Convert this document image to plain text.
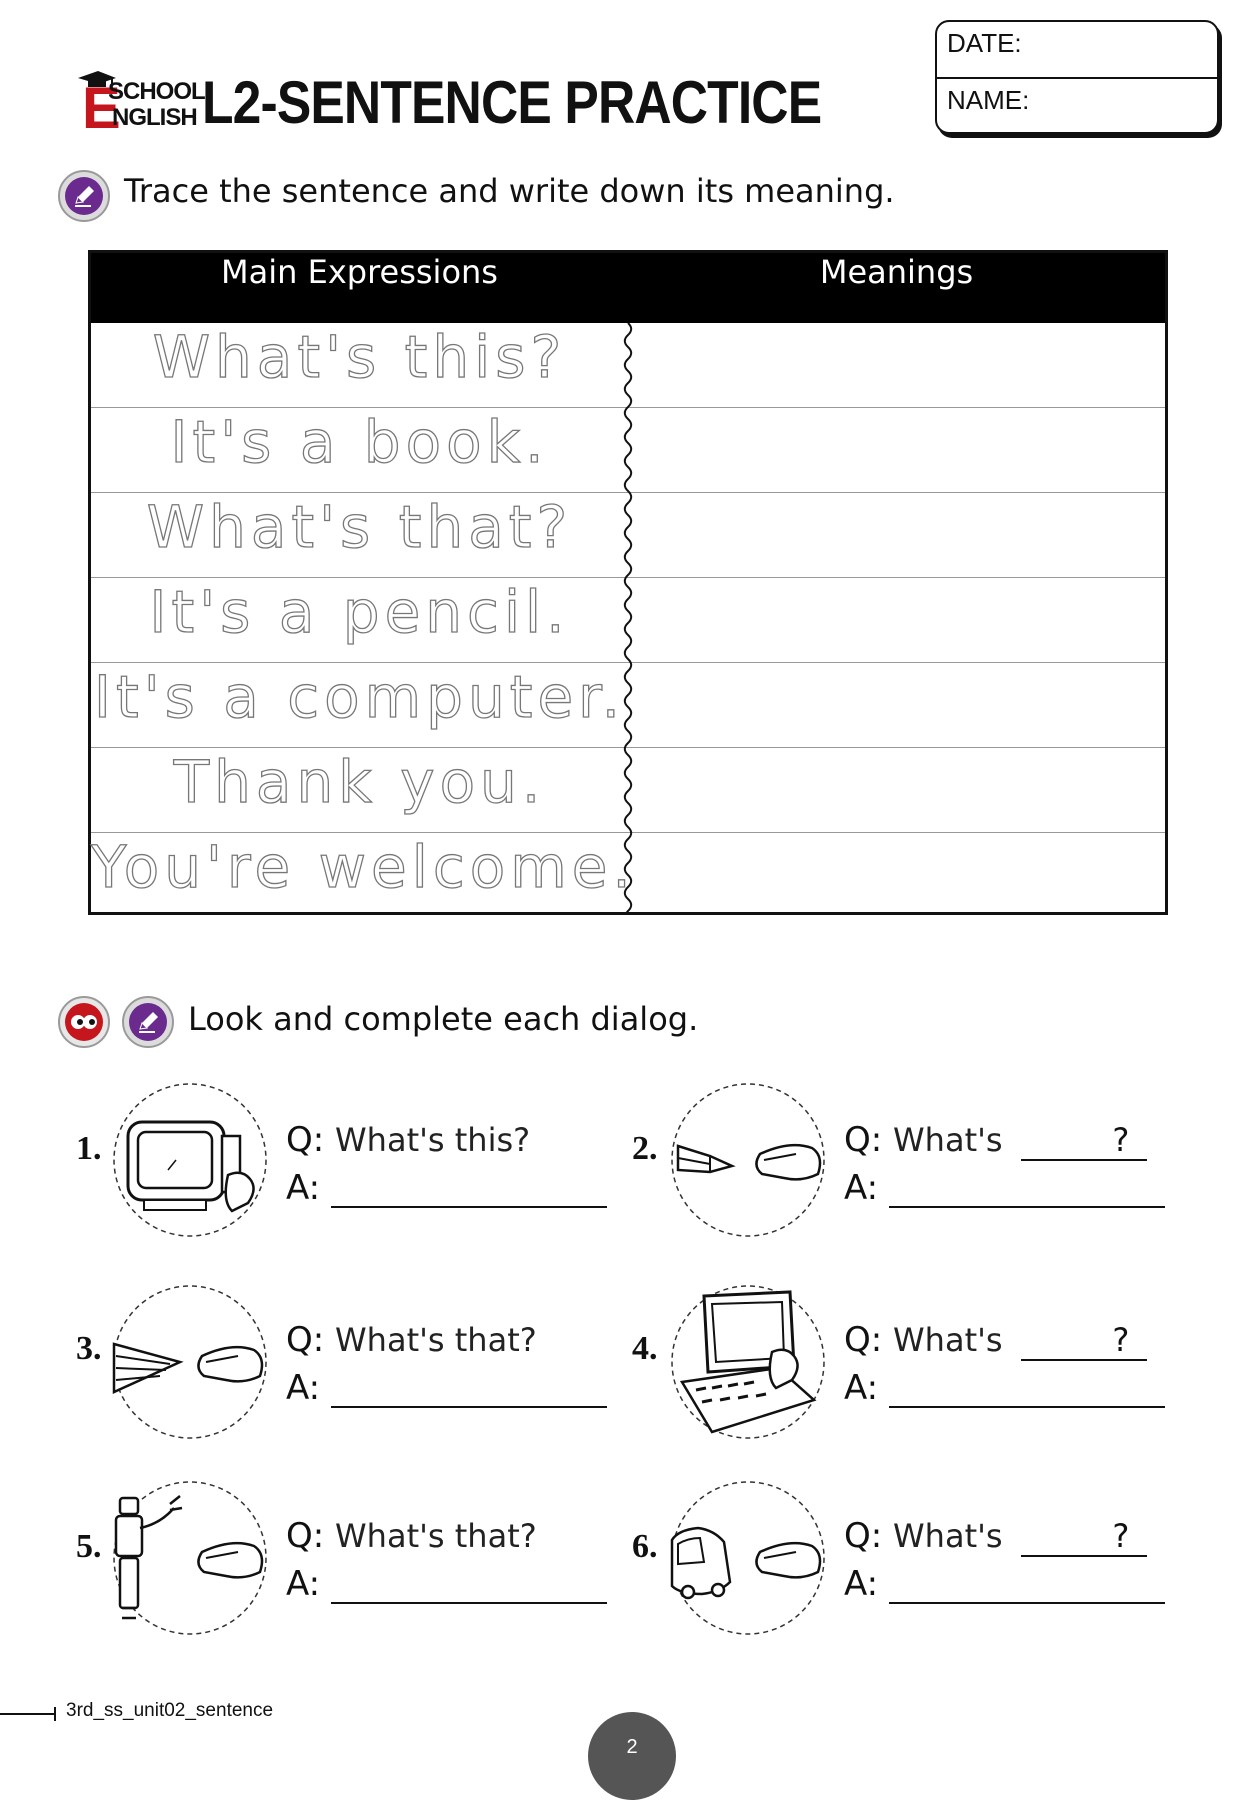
E
SCHOOL
NGLISH L2-SENTENCE PRACTICE
DATE:
NAME:
Trace the sentence and write down its meaning.
Main Expressions	Meanings
What's this?
It's a book.
What's that?
It's a pencil.
It's a computer.
Thank you.
You're welcome.
Look and complete each dialog.
1.	Q: What's this?
A:
2.	Q: What's	?
A:
3.	Q: What's that?
A:
4.	Q: What's	?
A:
5.	Q: What's that?
A:
6.	Q: What's	?
A:
3rd_ss_unit02_sentence
2
